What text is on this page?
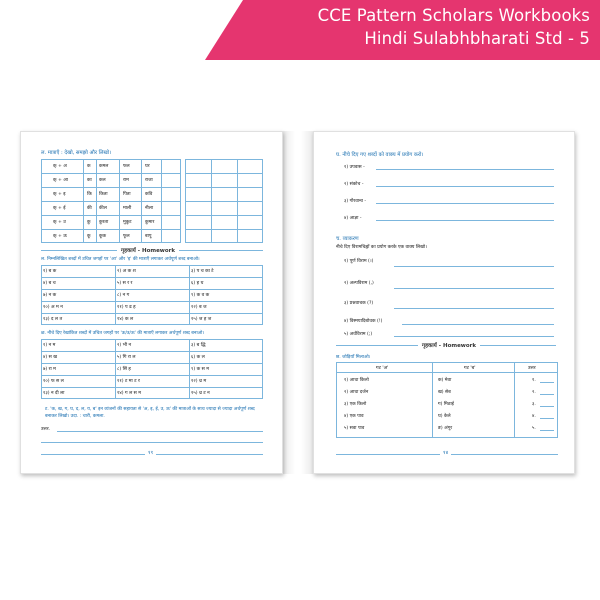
CCE Pattern Scholars Workbooks
Hindi Sulabhbharati Std - 5
ल. मात्राएँ : देखो, समझो और लिखो।
क् + अ	क कमल	फल	घर
क् + आ	का कल	राम	राजा
क् + इ	कि किता	पिता	कवि
क् + ई	की कील	माली	नीला
क् + उ	कु कुरता	मुकुट	कुमार
क् + ऊ	कू कूक	फूल	बापू
गृहकार्य - Homework
ल. निम्नलिखित शब्दों में उचित जगहों पर 'आ' और 'इ' की मात्राएँ लगाकर अर्थपूर्ण शब्द बनाओ।
१) ब क	२) अ क श	३) प च का टे
४) ब च	५) स र र	६) ह थ
७) न क	८) न ग	९) क व क
१०) अ म न	११) प ढ ह	१२) ब ज
१३) द ल त	१४) क ल	१५) ज ह ज
ळ. नीचे दिए रेखांकित शब्दों में उचित जगहों पर 'ऊ/उ/ऊ' की मात्राएँ लगाकर अर्थपूर्ण शब्द बनाओ।
१) न म	२) भी न	३) ब द्धि
४) स ख	५) गि रा ल	६) क ल
७) रा म	८) सिं ह	९) क स म
१०) फ स ल	११) ट मा ट र	१२) च्र म
१३) न दी ला	१४) ग ल स म	१५) च्र ट न
ट. 'क, ख, ग, घ, द, ल, य, ब' इन व्यंजनों की सहायता से 'अ, इ, ई, उ, ऊ' की मात्राओं के साथ ज्यादा से ज्यादा अर्थपूर्ण शब्द बनाकर लिखो। उदा. : चारी, कमला.
उत्तर.
११
घ. नीचे दिए गए शब्दों को वाक्य में प्रयोग करो।
१) उपवास -
२) संकोच -
३) गौरवान्व -
४) आज्ञा -
च. व्याकरण
नीचे दिए विरामचिह्नों का प्रयोग करके एक वाक्य लिखो।
१) पूर्ण विराम (।)
२) अल्पविराम (,)
३) प्रश्नवाचक (?)
४) विस्मयादिबोधक (!)
५) अर्धविराम (;)
गृहकार्य - Homework
छ. जोड़ियाँ मिलाओ।
गट 'अ'	गट 'ब'	उत्तर
१) आधा किलो	क) मेवा	१.
२) आधा दर्जन	ख) सेब	२.
३) एक किलो	ग) मिठाई	३.
४) एक पाव	घ) केले	४.
५) सवा पाव	ङ) अंगूर	५.
१४
